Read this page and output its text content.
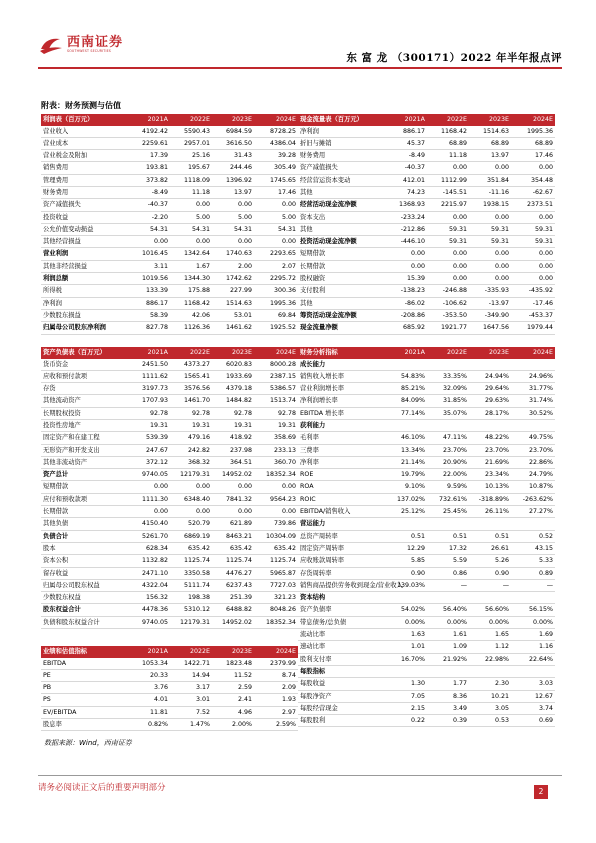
西南证券
SOUTHWEST SECURITIES
东 富 龙 （300171）2022 年半年报点评
附表：财务预测与估值
利润表（百万元）	2021A	2022E	2023E	2024E
营业收入	4192.42	5590.43	6984.59	8728.25
营业成本	2259.61	2957.01	3616.50	4386.04
营业税金及附加	17.39	25.16	31.43	39.28
销售费用	193.81	195.67	244.46	305.49
管理费用	373.82	1118.09	1396.92	1745.65
财务费用	-8.49	11.18	13.97	17.46
资产减值损失	-40.37	0.00	0.00	0.00
投资收益	-2.20	5.00	5.00	5.00
公允价值变动损益	54.31	54.31	54.31	54.31
其他经营损益	0.00	0.00	0.00	0.00
营业利润	1016.45	1342.64	1740.63	2293.65
其他非经营损益	3.11	1.67	2.00	2.07
利润总额	1019.56	1344.30	1742.62	2295.72
所得税	133.39	175.88	227.99	300.36
净利润	886.17	1168.42	1514.63	1995.36
少数股东损益	58.39	42.06	53.01	69.84
归属母公司股东净利润	827.78	1126.36	1461.62	1925.52
现金流量表（百万元）	2021A	2022E	2023E	2024E
净利润	886.17	1168.42	1514.63	1995.36
折旧与摊销	45.37	68.89	68.89	68.89
财务费用	-8.49	11.18	13.97	17.46
资产减值损失	-40.37	0.00	0.00	0.00
经营营运资本变动	412.01	1112.99	351.84	354.48
其他	74.23	-145.51	-11.16	-62.67
经营活动现金流净额	1368.93	2215.97	1938.15	2373.51
资本支出	-233.24	0.00	0.00	0.00
其他	-212.86	59.31	59.31	59.31
投资活动现金流净额	-446.10	59.31	59.31	59.31
短期借款	0.00	0.00	0.00	0.00
长期借款	0.00	0.00	0.00	0.00
股权融资	15.39	0.00	0.00	0.00
支付股利	-138.23	-246.88	-335.93	-435.92
其他	-86.02	-106.62	-13.97	-17.46
筹资活动现金流净额	-208.86	-353.50	-349.90	-453.37
现金流量净额	685.92	1921.77	1647.56	1979.44
资产负债表（百万元）	2021A	2022E	2023E	2024E
货币资金	2451.50	4373.27	6020.83	8000.28
应收和预付款项	1111.62	1565.41	1933.69	2387.15
存货	3197.73	3576.56	4379.18	5386.57
其他流动资产	1707.93	1461.70	1484.82	1513.74
长期股权投资	92.78	92.78	92.78	92.78
投资性房地产	19.31	19.31	19.31	19.31
固定资产和在建工程	539.39	479.16	418.92	358.69
无形资产和开发支出	247.67	242.82	237.98	233.13
其他非流动资产	372.12	368.32	364.51	360.70
资产总计	9740.05	12179.31	14952.02	18352.34
短期借款	0.00	0.00	0.00	0.00
应付和预收款项	1111.30	6348.40	7841.32	9564.23
长期借款	0.00	0.00	0.00	0.00
其他负债	4150.40	520.79	621.89	739.86
负债合计	5261.70	6869.19	8463.21	10304.09
股本	628.34	635.42	635.42	635.42
资本公积	1132.82	1125.74	1125.74	1125.74
留存收益	2471.10	3350.58	4476.27	5965.87
归属母公司股东权益	4322.04	5111.74	6237.43	7727.03
少数股东权益	156.32	198.38	251.39	321.23
股东权益合计	4478.36	5310.12	6488.82	8048.26
负债和股东权益合计	9740.05	12179.31	14952.02	18352.34
财务分析指标	2021A	2022E	2023E	2024E
成长能力				
销售收入增长率	54.83%	33.35%	24.94%	24.96%
营业利润增长率	85.21%	32.09%	29.64%	31.77%
净利润增长率	84.09%	31.85%	29.63%	31.74%
EBITDA 增长率	77.14%	35.07%	28.17%	30.52%
获利能力				
毛利率	46.10%	47.11%	48.22%	49.75%
三费率	13.34%	23.70%	23.70%	23.70%
净利率	21.14%	20.90%	21.69%	22.86%
ROE	19.79%	22.00%	23.34%	24.79%
ROA	9.10%	9.59%	10.13%	10.87%
ROIC	137.02%	732.61%	-318.89%	-263.62%
EBITDA/销售收入	25.12%	25.45%	26.11%	27.27%
营运能力				
总资产周转率	0.51	0.51	0.51	0.52
固定资产周转率	12.29	17.32	26.61	43.15
应收账款周转率	5.85	5.59	5.26	5.33
存货周转率	0.90	0.86	0.90	0.89
销售商品提供劳务收到现金/营业收入	139.03%	—	—	—
资本结构				
资产负债率	54.02%	56.40%	56.60%	56.15%
带息债务/总负债	0.00%	0.00%	0.00%	0.00%
流动比率	1.63	1.61	1.65	1.69
速动比率	1.01	1.09	1.12	1.16
股利支付率	16.70%	21.92%	22.98%	22.64%
每股指标				
每股收益	1.30	1.77	2.30	3.03
每股净资产	7.05	8.36	10.21	12.67
每股经营现金	2.15	3.49	3.05	3.74
每股股利	0.22	0.39	0.53	0.69
业绩和估值指标	2021A	2022E	2023E	2024E
EBITDA	1053.34	1422.71	1823.48	2379.99
PE	20.33	14.94	11.52	8.74
PB	3.76	3.17	2.59	2.09
PS	4.01	3.01	2.41	1.93
EV/EBITDA	11.81	7.52	4.96	2.97
股息率	0.82%	1.47%	2.00%	2.59%
数据来源：Wind，西南证券
请务必阅读正文后的重要声明部分	2
